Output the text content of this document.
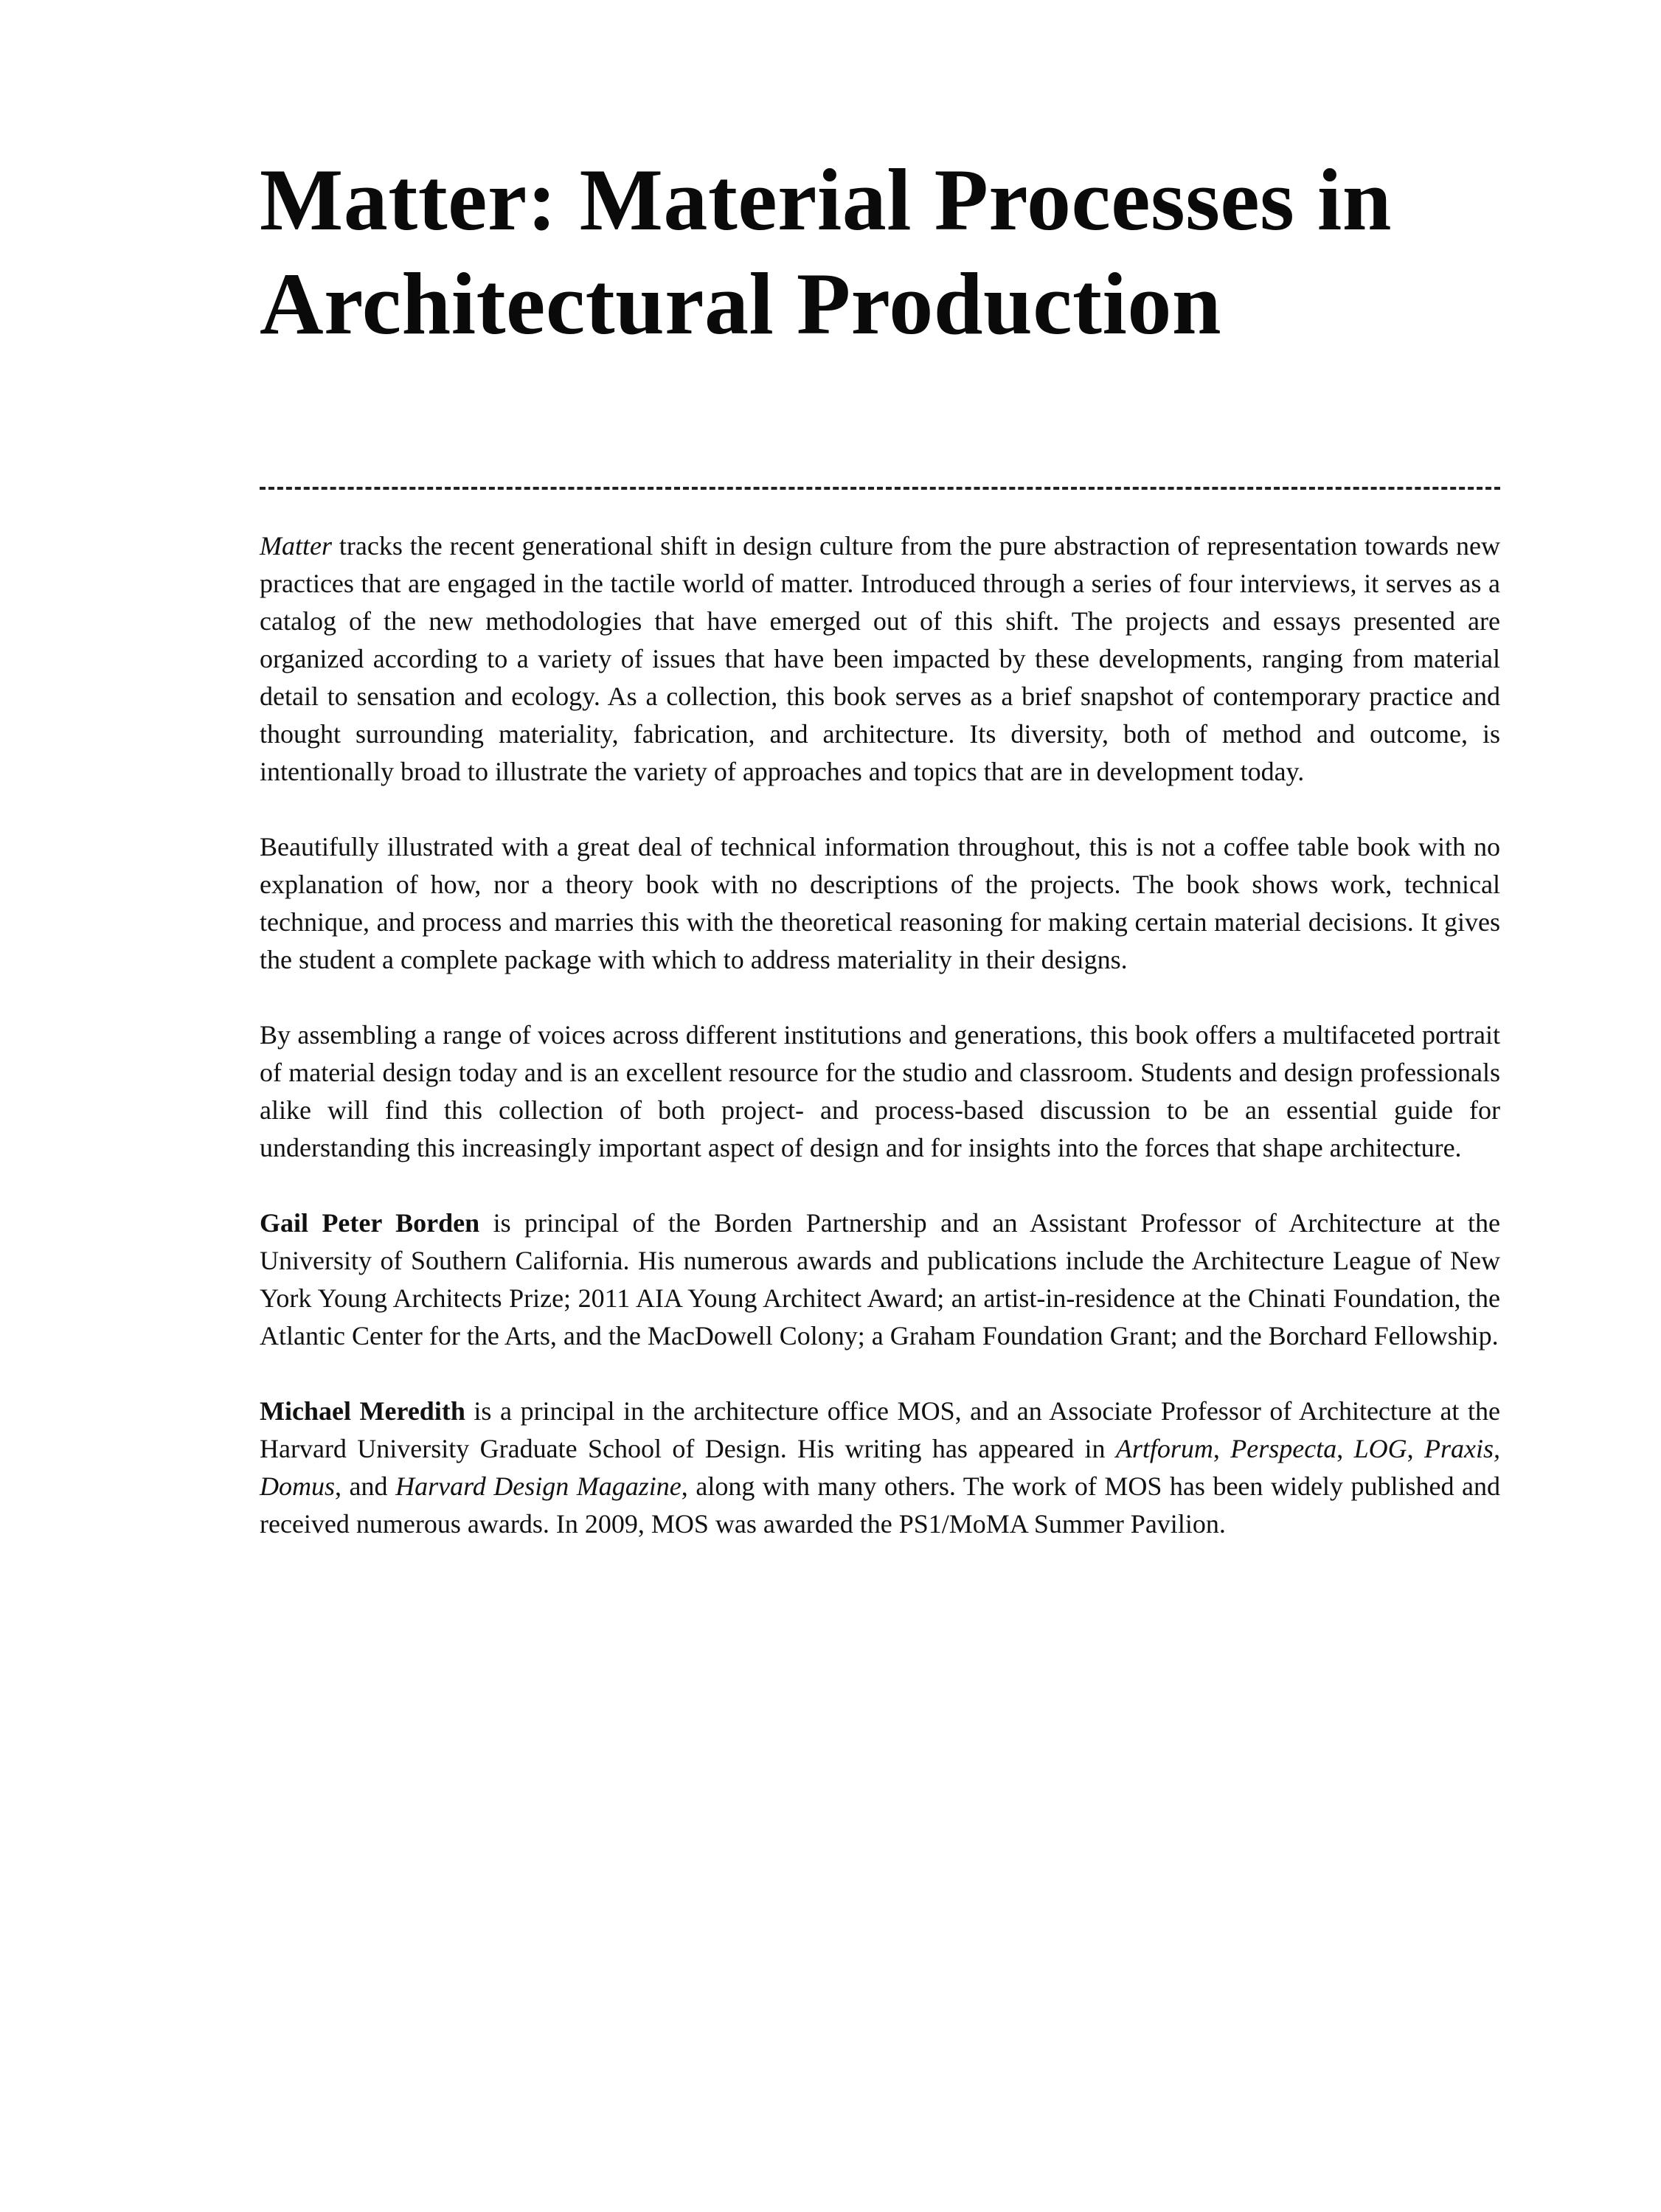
Matter: Material Processes in
Architectural Production

Matter tracks the recent generational shift in design culture from the pure abstraction of representation towards new practices that are engaged in the tactile world of matter. Introduced through a series of four interviews, it serves as a catalog of the new methodologies that have emerged out of this shift. The projects and essays presented are organized according to a variety of issues that have been impacted by these developments, ranging from material detail to sensation and ecology. As a collection, this book serves as a brief snapshot of contemporary practice and thought surrounding materiality, fabrication, and architecture. Its diversity, both of method and outcome, is intentionally broad to illustrate the variety of approaches and topics that are in development today.

Beautifully illustrated with a great deal of technical information throughout, this is not a coffee table book with no explanation of how, nor a theory book with no descriptions of the projects. The book shows work, technical technique, and process and marries this with the theoretical reasoning for making certain material decisions. It gives the student a complete package with which to address materiality in their designs.

By assembling a range of voices across different institutions and generations, this book offers a multifaceted portrait of material design today and is an excellent resource for the studio and classroom. Students and design professionals alike will find this collection of both project- and process-based discussion to be an essential guide for understanding this increasingly important aspect of design and for insights into the forces that shape architecture.

Gail Peter Borden is principal of the Borden Partnership and an Assistant Professor of Architecture at the University of Southern California. His numerous awards and publications include the Architecture League of New York Young Architects Prize; 2011 AIA Young Architect Award; an artist-in-residence at the Chinati Foundation, the Atlantic Center for the Arts, and the MacDowell Colony; a Graham Foundation Grant; and the Borchard Fellowship.

Michael Meredith is a principal in the architecture office MOS, and an Associate Professor of Architecture at the Harvard University Graduate School of Design. His writing has appeared in Artforum, Perspecta, LOG, Praxis, Domus, and Harvard Design Magazine, along with many others. The work of MOS has been widely published and received numerous awards. In 2009, MOS was awarded the PS1/MoMA Summer Pavilion.
